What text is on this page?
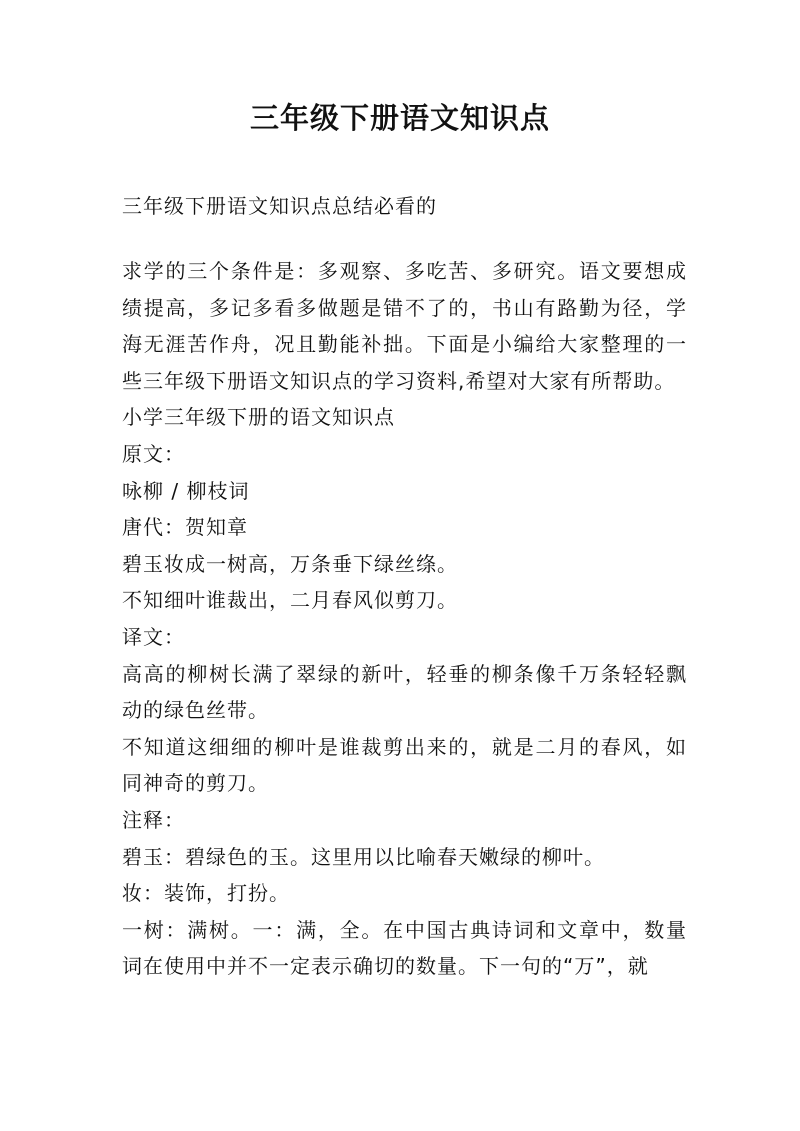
三年级下册语文知识点
三年级下册语文知识点总结必看的

求学的三个条件是：多观察、多吃苦、多研究。语文要想成绩提高，多记多看多做题是错不了的，书山有路勤为径，学海无涯苦作舟，况且勤能补拙。下面是小编给大家整理的一些三年级下册语文知识点的学习资料,希望对大家有所帮助。

小学三年级下册的语文知识点

原文：

咏柳 / 柳枝词

唐代：贺知章

碧玉妆成一树高，万条垂下绿丝绦。

不知细叶谁裁出，二月春风似剪刀。

译文：

高高的柳树长满了翠绿的新叶，轻垂的柳条像千万条轻轻飘动的绿色丝带。

不知道这细细的柳叶是谁裁剪出来的，就是二月的春风，如同神奇的剪刀。

注释：

碧玉：碧绿色的玉。这里用以比喻春天嫩绿的柳叶。

妆：装饰，打扮。

一树：满树。一：满，全。在中国古典诗词和文章中，数量词在使用中并不一定表示确切的数量。下一句的“万”，就
